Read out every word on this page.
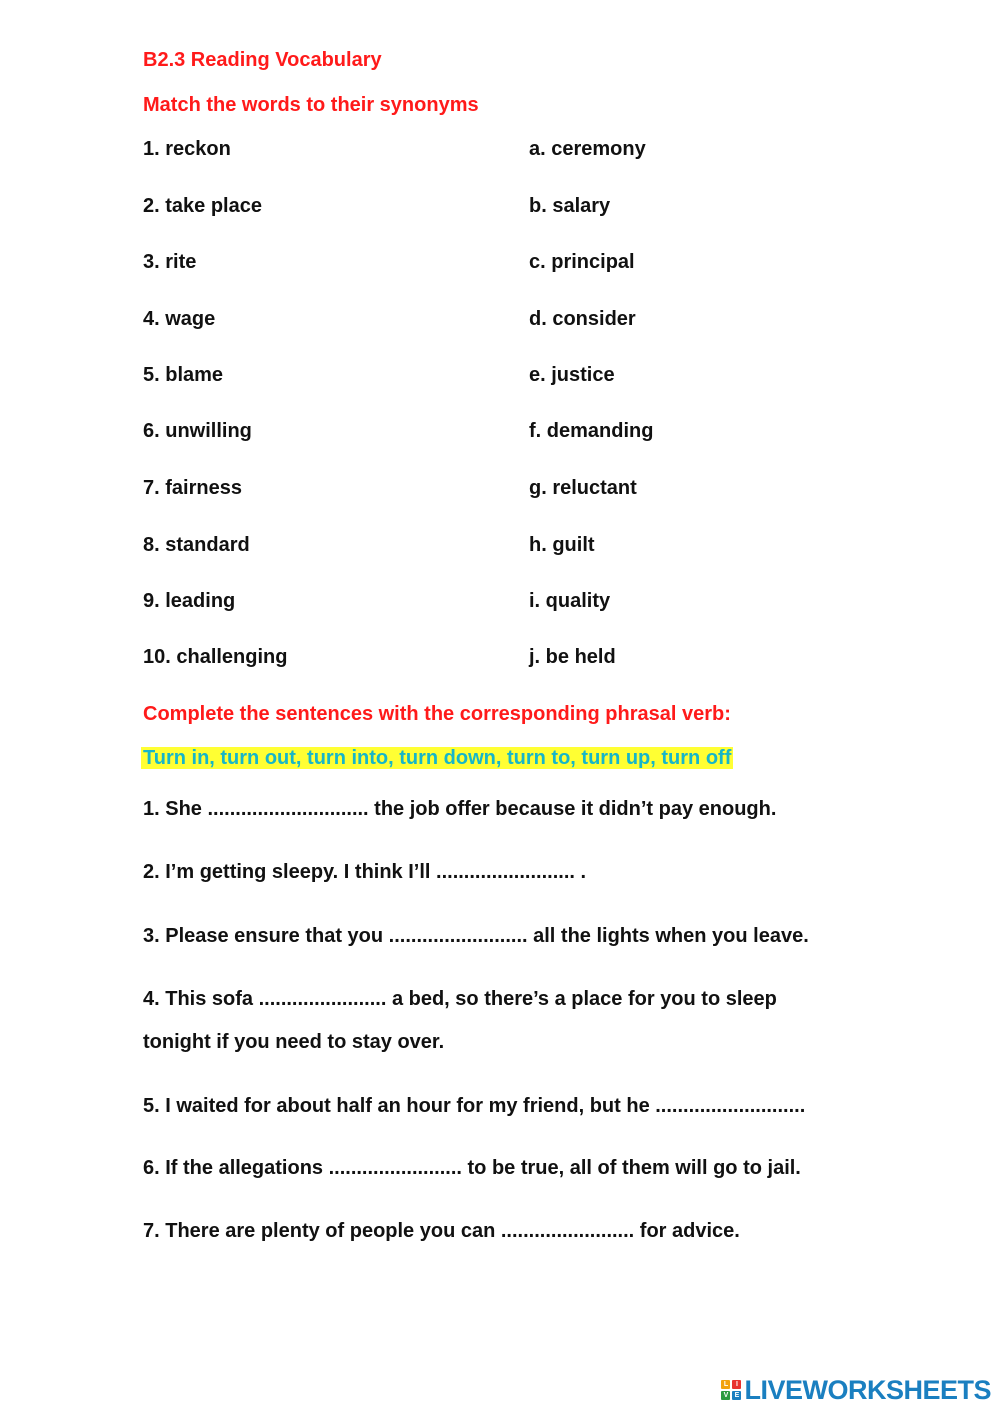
B2.3 Reading Vocabulary
Match the words to their synonyms
1. reckon
2. take place
3. rite
4. wage
5. blame
6. unwilling
7. fairness
8. standard
9. leading
10. challenging
a. ceremony
b. salary
c. principal
d. consider
e. justice
f. demanding
g. reluctant
h. guilt
i. quality
j. be held
Complete the sentences with the corresponding phrasal verb:
Turn in, turn out, turn into, turn down, turn to, turn up, turn off
1. She ............................. the job offer because it didn’t pay enough.
2. I’m getting sleepy. I think I’ll ......................... .
3. Please ensure that you ......................... all the lights when you leave.
4. This sofa ....................... a bed, so there’s a place for you to sleep
tonight if you need to stay over.
5. I waited for about half an hour for my friend, but he ...........................
6. If the allegations ........................ to be true, all of them will go to jail.
7. There are plenty of people you can ........................ for advice.
L	I
V E LIVEWORKSHEETS
